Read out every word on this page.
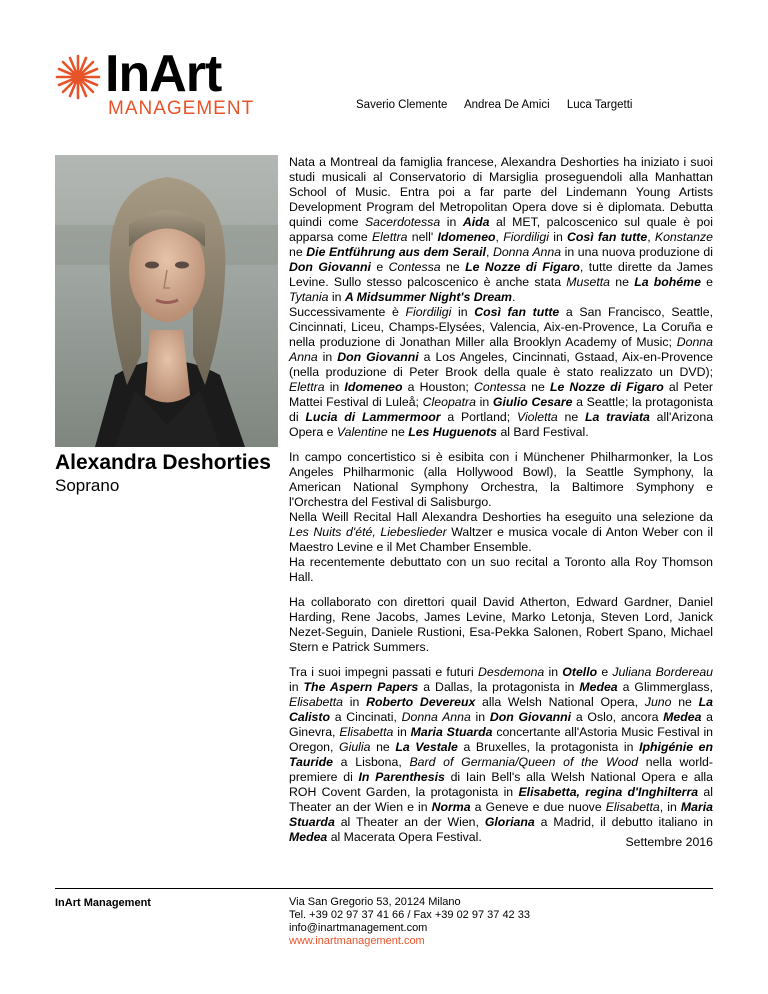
InArt
MANAGEMENT	Saverio Clemente Andrea De Amici Luca Targetti
Alexandra Deshorties
Soprano

Nata a Montreal da famiglia francese, Alexandra Deshorties ha iniziato i suoi studi musicali al Conservatorio di Marsiglia proseguendoli alla Manhattan School of Music. Entra poi a far parte del Lindemann Young Artists Development Program del Metropolitan Opera dove si è diplomata. Debutta quindi come Sacerdotessa in Aida al MET, palcoscenico sul quale è poi apparsa come Elettra nell' Idomeneo, Fiordiligi in Così fan tutte, Konstanze ne Die Entführung aus dem Serail, Donna Anna in una nuova produzione di Don Giovanni e Contessa ne Le Nozze di Figaro, tutte dirette da James Levine. Sullo stesso palcoscenico è anche stata Musetta ne La bohéme e Tytania in A Midsummer Night's Dream.
Successivamente è Fiordiligi in Così fan tutte a San Francisco, Seattle, Cincinnati, Liceu, Champs-Elysées, Valencia, Aix-en-Provence, La Coruña e nella produzione di Jonathan Miller alla Brooklyn Academy of Music; Donna Anna in Don Giovanni a Los Angeles, Cincinnati, Gstaad, Aix-en-Provence (nella produzione di Peter Brook della quale è stato realizzato un DVD); Elettra in Idomeneo a Houston; Contessa ne Le Nozze di Figaro al Peter Mattei Festival di Luleå; Cleopatra in Giulio Cesare a Seattle; la protagonista di Lucia di Lammermoor a Portland; Violetta ne La traviata all'Arizona Opera e Valentine ne Les Huguenots al Bard Festival.

In campo concertistico si è esibita con i Münchener Philharmonker, la Los Angeles Philharmonic (alla Hollywood Bowl), la Seattle Symphony, la American National Symphony Orchestra, la Baltimore Symphony e l'Orchestra del Festival di Salisburgo.
Nella Weill Recital Hall Alexandra Deshorties ha eseguito una selezione da Les Nuits d'été, Liebeslieder Waltzer e musica vocale di Anton Weber con il Maestro Levine e il Met Chamber Ensemble.
Ha recentemente debuttato con un suo recital a Toronto alla Roy Thomson Hall.

Ha collaborato con direttori quail David Atherton, Edward Gardner, Daniel Harding, Rene Jacobs, James Levine, Marko Letonja, Steven Lord, Janick Nezet-Seguin, Daniele Rustioni, Esa-Pekka Salonen, Robert Spano, Michael Stern e Patrick Summers.

Tra i suoi impegni passati e futuri Desdemona in Otello e Juliana Bordereau in The Aspern Papers a Dallas, la protagonista in Medea a Glimmerglass, Elisabetta in Roberto Devereux alla Welsh National Opera, Juno ne La Calisto a Cincinati, Donna Anna in Don Giovanni a Oslo, ancora Medea a Ginevra, Elisabetta in Maria Stuarda concertante all'Astoria Music Festival in Oregon, Giulia ne La Vestale a Bruxelles, la protagonista in Iphigénie en Tauride a Lisbona, Bard of Germania/Queen of the Wood nella world-premiere di In Parenthesis di Iain Bell's alla Welsh National Opera e alla ROH Covent Garden, la protagonista in Elisabetta, regina d'Inghilterra al Theater an der Wien e in Norma a Geneve e due nuove Elisabetta, in Maria Stuarda al Theater an der Wien, Gloriana a Madrid, il debutto italiano in Medea al Macerata Opera Festival.	Settembre 2016
InArt Management	Via San Gregorio 53, 20124 Milano
Tel. +39 02 97 37 41 66 / Fax +39 02 97 37 42 33
info@inartmanagement.com
www.inartmanagement.com
